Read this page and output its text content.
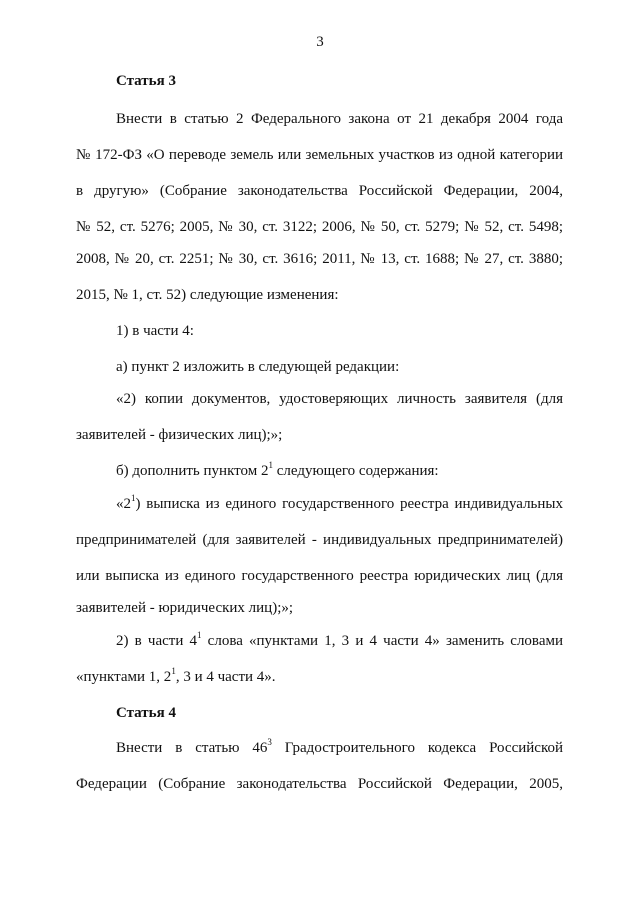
3
Статья 3
Внести в статью 2 Федерального закона от 21 декабря 2004 года
№ 172-ФЗ «О переводе земель или земельных участков из одной категории
в другую» (Собрание законодательства Российской Федерации, 2004,
№ 52, ст. 5276; 2005, № 30, ст. 3122; 2006, № 50, ст. 5279; № 52, ст. 5498;
2008, № 20, ст. 2251; № 30, ст. 3616; 2011, № 13, ст. 1688; № 27, ст. 3880;
2015, № 1, ст. 52) следующие изменения:
1) в части 4:
а) пункт 2 изложить в следующей редакции:
«2) копии документов, удостоверяющих личность заявителя (для
заявителей - физических лиц);»;
б) дополнить пунктом $2^1$ следующего содержания:
«$2^1$) выписка из единого государственного реестра индивидуальных
предпринимателей (для заявителей - индивидуальных предпринимателей)
или выписка из единого государственного реестра юридических лиц (для
заявителей - юридических лиц);»;
2) в части $4^1$ слова «пунктами 1, 3 и 4 части 4» заменить словами
«пунктами 1, $2^1$, 3 и 4 части 4».
Статья 4
Внести в статью $46^3$ Градостроительного кодекса Российской
Федерации (Собрание законодательства Российской Федерации, 2005,
